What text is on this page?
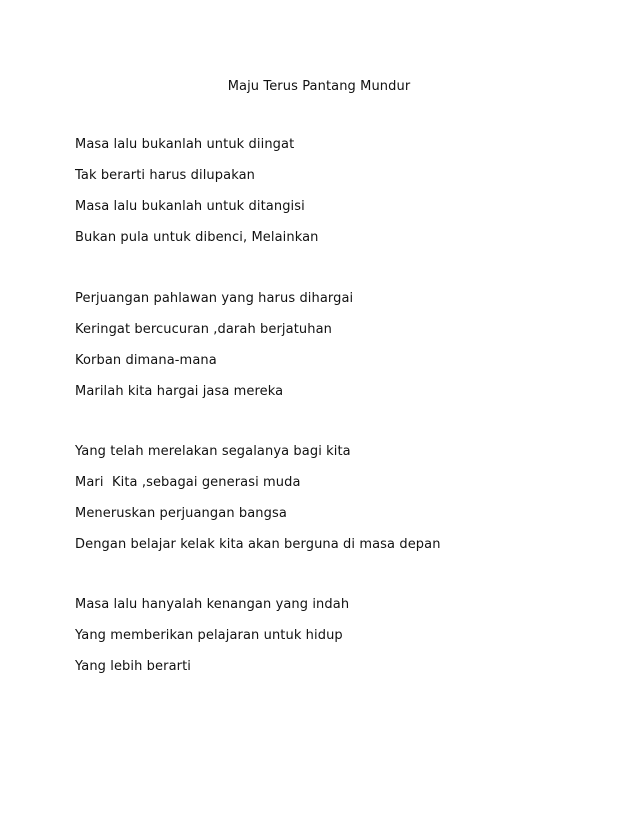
Maju Terus Pantang Mundur
Masa lalu bukanlah untuk diingat
Tak berarti harus dilupakan
Masa lalu bukanlah untuk ditangisi
Bukan pula untuk dibenci, Melainkan
Perjuangan pahlawan yang harus dihargai
Keringat bercucuran ,darah berjatuhan
Korban dimana-mana
Marilah kita hargai jasa mereka
Yang telah merelakan segalanya bagi kita
Mari  Kita ,sebagai generasi muda
Meneruskan perjuangan bangsa
Dengan belajar kelak kita akan berguna di masa depan
Masa lalu hanyalah kenangan yang indah
Yang memberikan pelajaran untuk hidup
Yang lebih berarti
